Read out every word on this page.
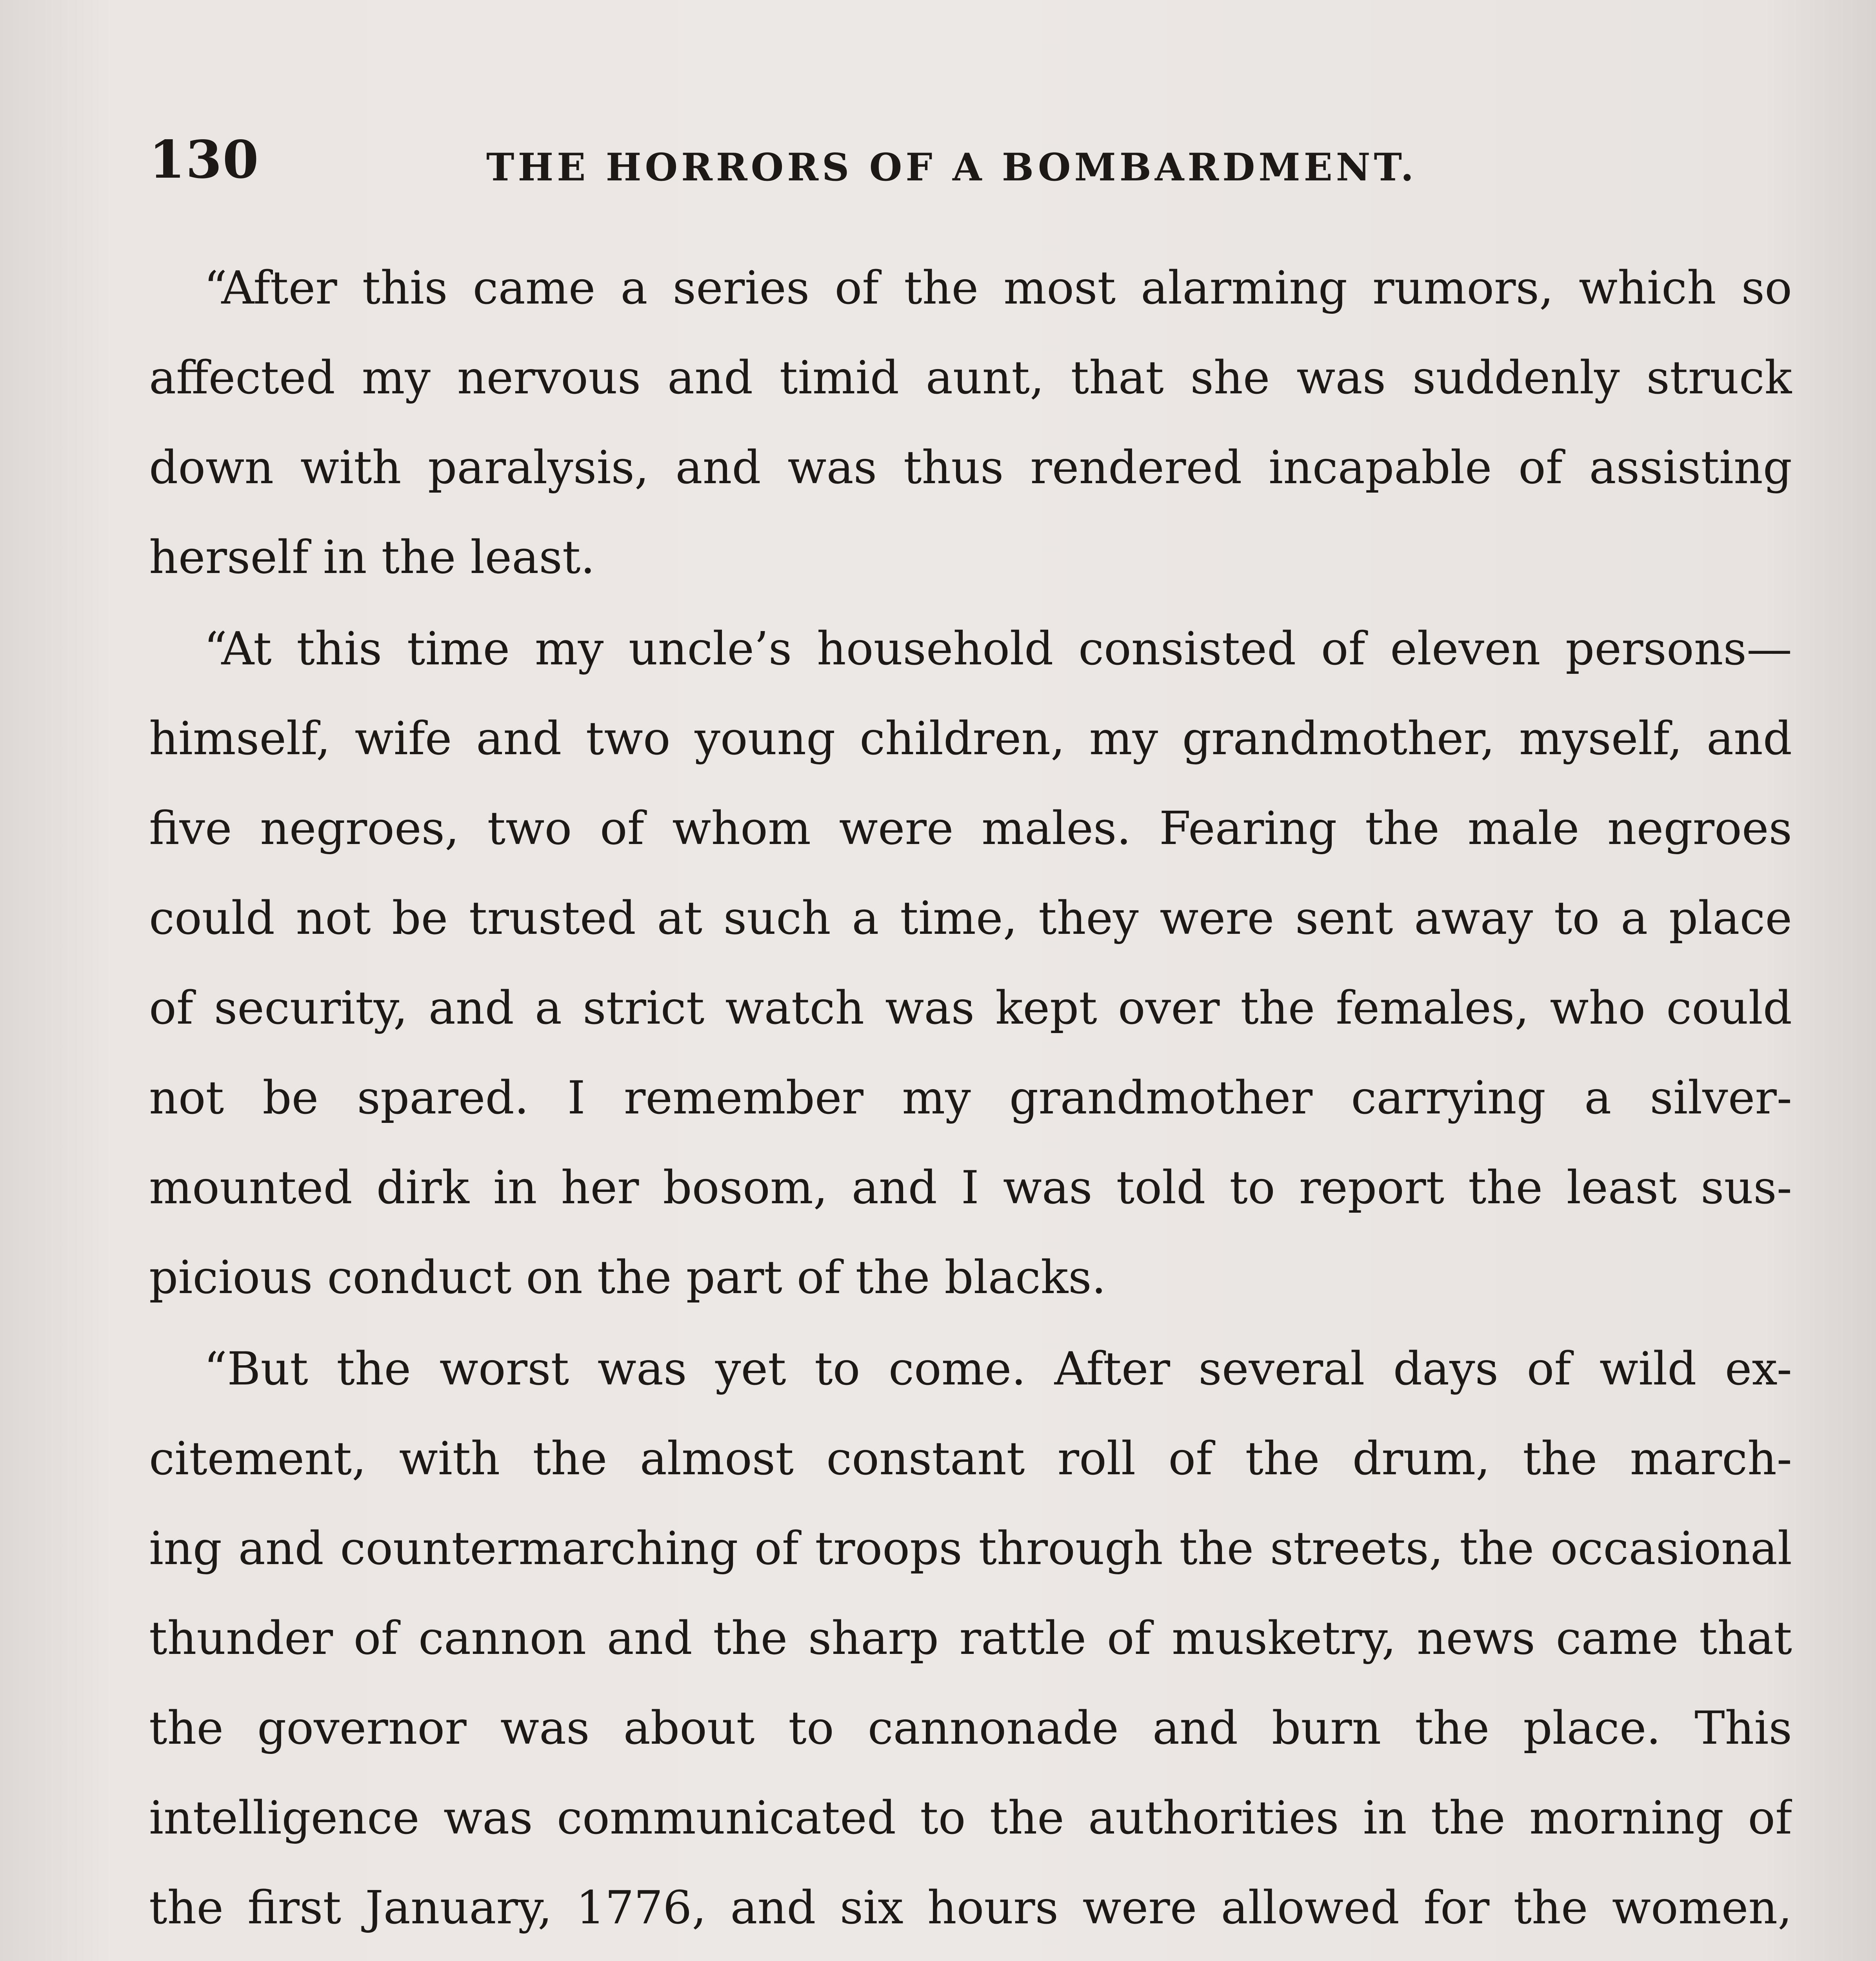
130	THE HORRORS OF A BOMBARDMENT.
“After this came a series of the most alarming rumors, which so
affected my nervous and timid aunt, that she was suddenly struck
down with paralysis, and was thus rendered incapable of assisting
herself in the least.
“At this time my uncle’s household consisted of eleven persons—
himself, wife and two young children, my grandmother, myself, and
five negroes, two of whom were males. Fearing the male negroes
could not be trusted at such a time, they were sent away to a place
of security, and a strict watch was kept over the females, who could
not be spared. I remember my grandmother carrying a silver-
mounted dirk in her bosom, and I was told to report the least sus-
picious conduct on the part of the blacks.
“But the worst was yet to come. After several days of wild ex-
citement, with the almost constant roll of the drum, the march-
ing and countermarching of troops through the streets, the occasional
thunder of cannon and the sharp rattle of musketry, news came that
the governor was about to cannonade and burn the place. This
intelligence was communicated to the authorities in the morning of
the first January, 1776, and six hours were allowed for the women,
